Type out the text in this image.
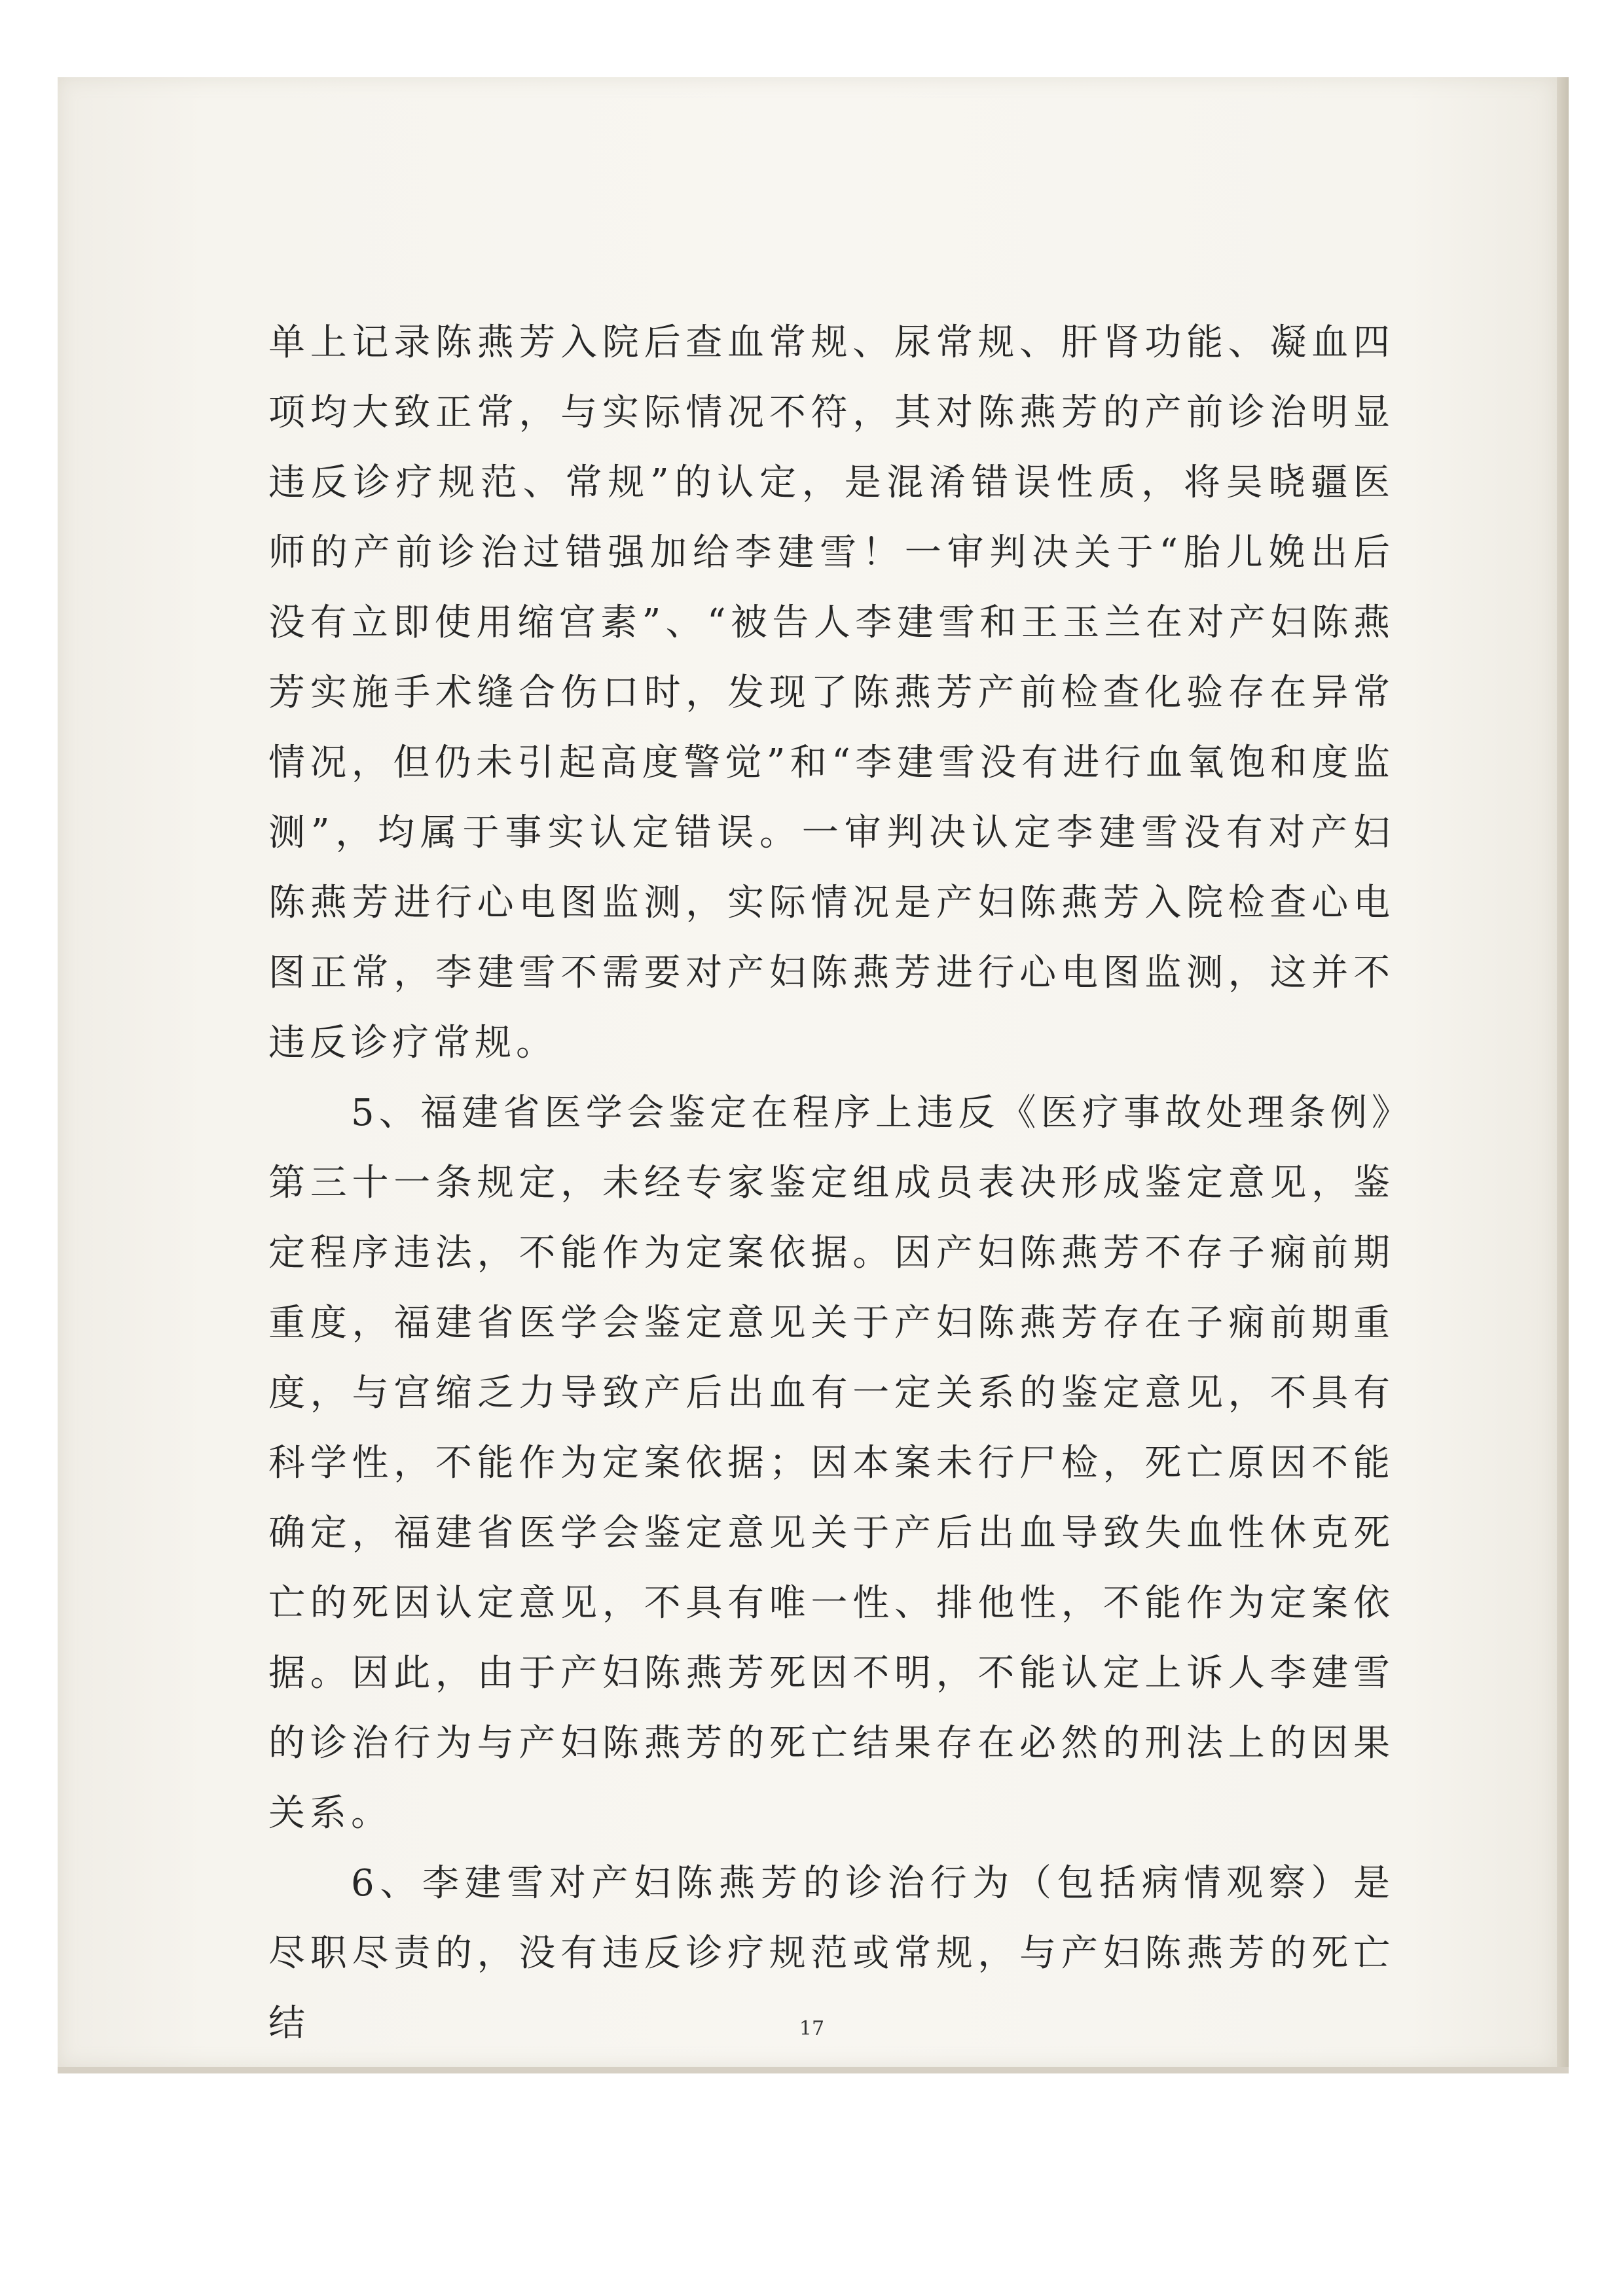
单上记录陈燕芳入院后查血常规、尿常规、肝肾功能、凝血四项均大致正常，与实际情况不符，其对陈燕芳的产前诊治明显违反诊疗规范、常规”的认定，是混淆错误性质，将吴晓疆医师的产前诊治过错强加给李建雪！一审判决关于“胎儿娩出后没有立即使用缩宫素”、“被告人李建雪和王玉兰在对产妇陈燕芳实施手术缝合伤口时，发现了陈燕芳产前检查化验存在异常情况，但仍未引起高度警觉”和“李建雪没有进行血氧饱和度监测”，均属于事实认定错误。一审判决认定李建雪没有对产妇陈燕芳进行心电图监测，实际情况是产妇陈燕芳入院检查心电图正常，李建雪不需要对产妇陈燕芳进行心电图监测，这并不违反诊疗常规。

5、福建省医学会鉴定在程序上违反《医疗事故处理条例》第三十一条规定，未经专家鉴定组成员表决形成鉴定意见，鉴定程序违法，不能作为定案依据。因产妇陈燕芳不存子痫前期重度，福建省医学会鉴定意见关于产妇陈燕芳存在子痫前期重度，与宫缩乏力导致产后出血有一定关系的鉴定意见，不具有科学性，不能作为定案依据；因本案未行尸检，死亡原因不能确定，福建省医学会鉴定意见关于产后出血导致失血性休克死亡的死因认定意见，不具有唯一性、排他性，不能作为定案依据。因此，由于产妇陈燕芳死因不明，不能认定上诉人李建雪的诊治行为与产妇陈燕芳的死亡结果存在必然的刑法上的因果关系。

6、李建雪对产妇陈燕芳的诊治行为（包括病情观察）是尽职尽责的，没有违反诊疗规范或常规，与产妇陈燕芳的死亡结	17
